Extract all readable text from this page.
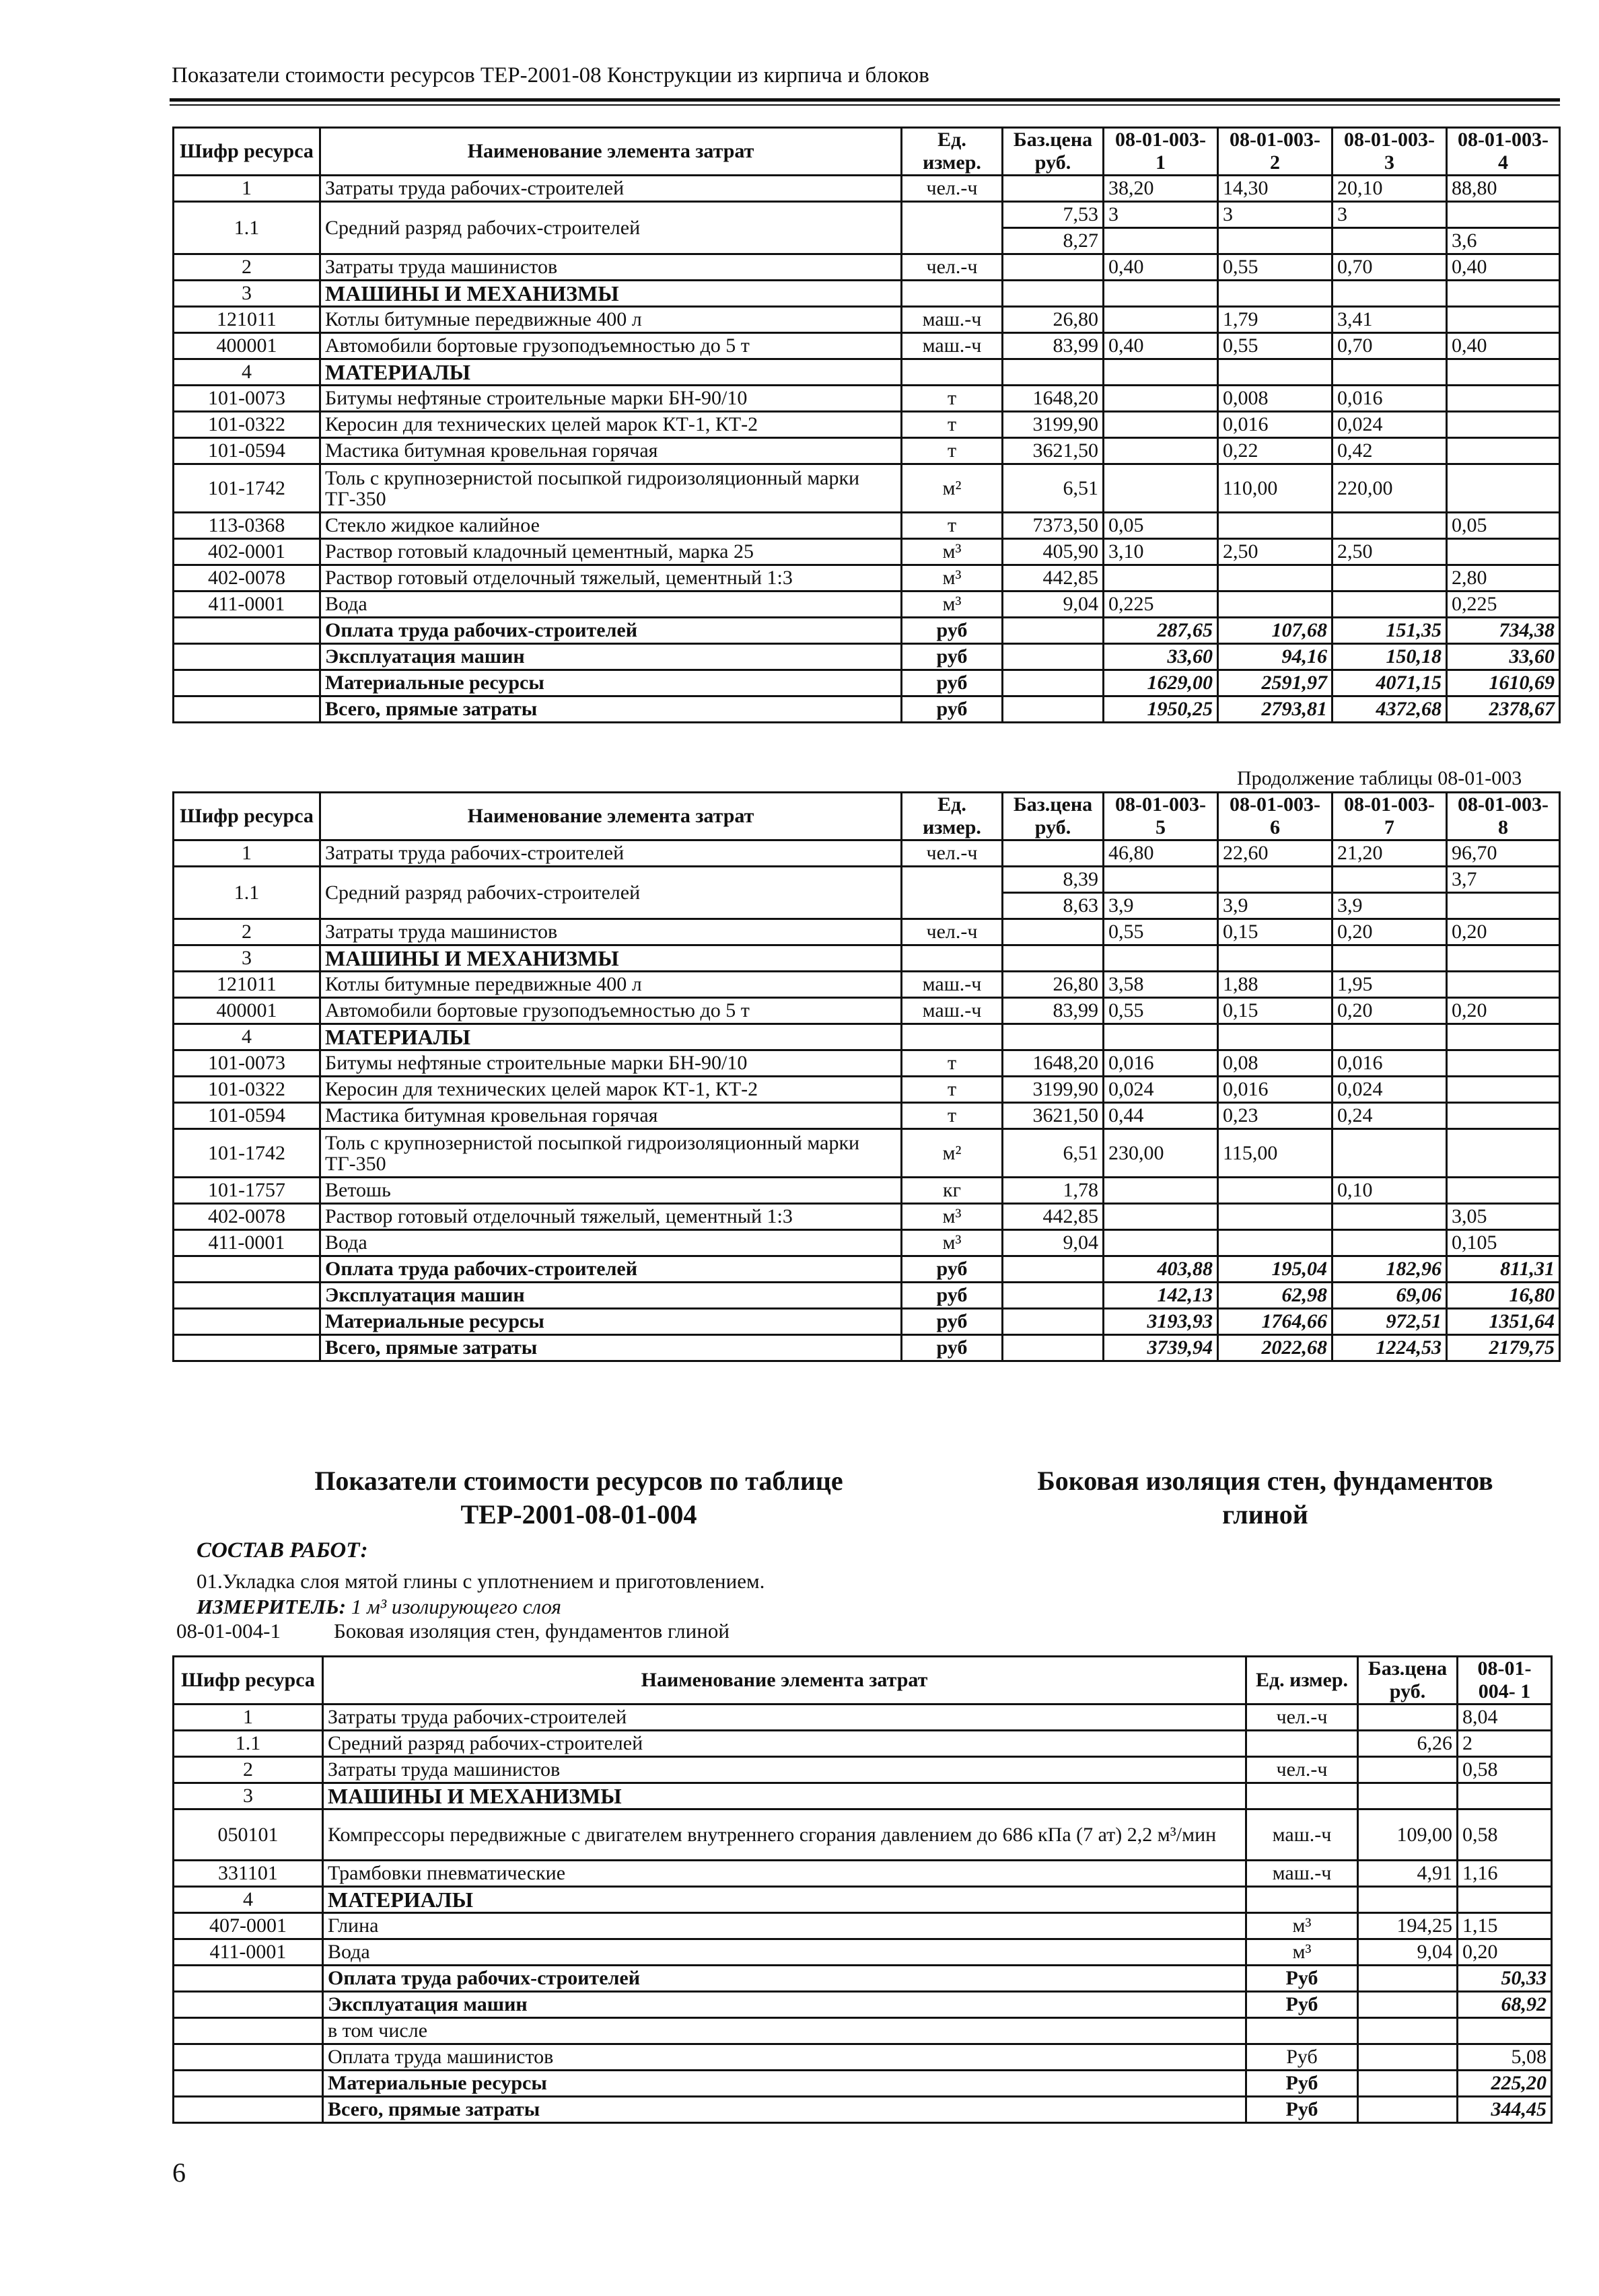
Показатели стоимости ресурсов ТЕР-2001-08 Конструкции из кирпича и блоков
Шифр ресурса	Наименование элемента затрат	Ед. измер.	Баз.цена руб.	08-01-003- 1	08-01-003- 2	08-01-003- 3	08-01-003- 4
1	Затраты труда рабочих-строителей	чел.-ч		38,20	14,30	20,10	88,80
1.1	Средний разряд рабочих-строителей		7,53	3	3	3	
			8,27				3,6
2	Затраты труда машинистов	чел.-ч		0,40	0,55	0,70	0,40
3	МАШИНЫ И МЕХАНИЗМЫ						
121011	Котлы битумные передвижные 400 л	маш.-ч	26,80		1,79	3,41	
400001	Автомобили бортовые грузоподъемностью до 5 т	маш.-ч	83,99	0,40	0,55	0,70	0,40
4	МАТЕРИАЛЫ						
101-0073	Битумы нефтяные строительные марки БН-90/10	т	1648,20		0,008	0,016	
101-0322	Керосин для технических целей марок КТ-1, КТ-2	т	3199,90		0,016	0,024	
101-0594	Мастика битумная кровельная горячая	т	3621,50		0,22	0,42	
101-1742	Толь с крупнозернистой посыпкой гидроизоляционный марки ТГ-350	м²	6,51		110,00	220,00	
113-0368	Стекло жидкое калийное	т	7373,50	0,05			0,05
402-0001	Раствор готовый кладочный цементный, марка 25	м³	405,90	3,10	2,50	2,50	
402-0078	Раствор готовый отделочный тяжелый, цементный 1:3	м³	442,85				2,80
411-0001	Вода	м³	9,04	0,225			0,225
	Оплата труда рабочих-строителей	руб		287,65	107,68	151,35	734,38
	Эксплуатация машин	руб		33,60	94,16	150,18	33,60
	Материальные ресурсы	руб		1629,00	2591,97	4071,15	1610,69
	Всего, прямые затраты	руб		1950,25	2793,81	4372,68	2378,67
Продолжение таблицы 08-01-003
Шифр ресурса	Наименование элемента затрат	Ед. измер.	Баз.цена руб.	08-01-003- 5	08-01-003- 6	08-01-003- 7	08-01-003- 8
1	Затраты труда рабочих-строителей	чел.-ч		46,80	22,60	21,20	96,70
1.1	Средний разряд рабочих-строителей		8,39				3,7
			8,63	3,9	3,9	3,9	
2	Затраты труда машинистов	чел.-ч		0,55	0,15	0,20	0,20
3	МАШИНЫ И МЕХАНИЗМЫ						
121011	Котлы битумные передвижные 400 л	маш.-ч	26,80	3,58	1,88	1,95	
400001	Автомобили бортовые грузоподъемностью до 5 т	маш.-ч	83,99	0,55	0,15	0,20	0,20
4	МАТЕРИАЛЫ						
101-0073	Битумы нефтяные строительные марки БН-90/10	т	1648,20	0,016	0,08	0,016	
101-0322	Керосин для технических целей марок КТ-1, КТ-2	т	3199,90	0,024	0,016	0,024	
101-0594	Мастика битумная кровельная горячая	т	3621,50	0,44	0,23	0,24	
101-1742	Толь с крупнозернистой посыпкой гидроизоляционный марки ТГ-350	м²	6,51	230,00	115,00		
101-1757	Ветошь	кг	1,78			0,10	
402-0078	Раствор готовый отделочный тяжелый, цементный 1:3	м³	442,85				3,05
411-0001	Вода	м³	9,04				0,105
	Оплата труда рабочих-строителей	руб		403,88	195,04	182,96	811,31
	Эксплуатация машин	руб		142,13	62,98	69,06	16,80
	Материальные ресурсы	руб		3193,93	1764,66	972,51	1351,64
	Всего, прямые затраты	руб		3739,94	2022,68	1224,53	2179,75
Показатели стоимости ресурсов по таблице ТЕР-2001-08-01-004
Боковая изоляция стен, фундаментов глиной
СОСТАВ РАБОТ:
01.Укладка слоя мятой глины с уплотнением и приготовлением.
ИЗМЕРИТЕЛЬ: 1 м³ изолирующего слоя
08-01-004-1	Боковая изоляция стен, фундаментов глиной
Шифр ресурса	Наименование элемента затрат	Ед. измер.	Баз.цена руб.	08-01-004- 1
1	Затраты труда рабочих-строителей	чел.-ч		8,04
1.1	Средний разряд рабочих-строителей		6,26	2
2	Затраты труда машинистов	чел.-ч		0,58
3	МАШИНЫ И МЕХАНИЗМЫ			
050101	Компрессоры передвижные с двигателем внутреннего сгорания давлением до 686 кПа (7 ат) 2,2 м³/мин	маш.-ч	109,00	0,58
331101	Трамбовки пневматические	маш.-ч	4,91	1,16
4	МАТЕРИАЛЫ			
407-0001	Глина	м³	194,25	1,15
411-0001	Вода	м³	9,04	0,20
	Оплата труда рабочих-строителей	Руб		50,33
	Эксплуатация машин	Руб		68,92
	в том числе			
	Оплата труда машинистов	Руб		5,08
	Материальные ресурсы	Руб		225,20
	Всего, прямые затраты	Руб		344,45
6
